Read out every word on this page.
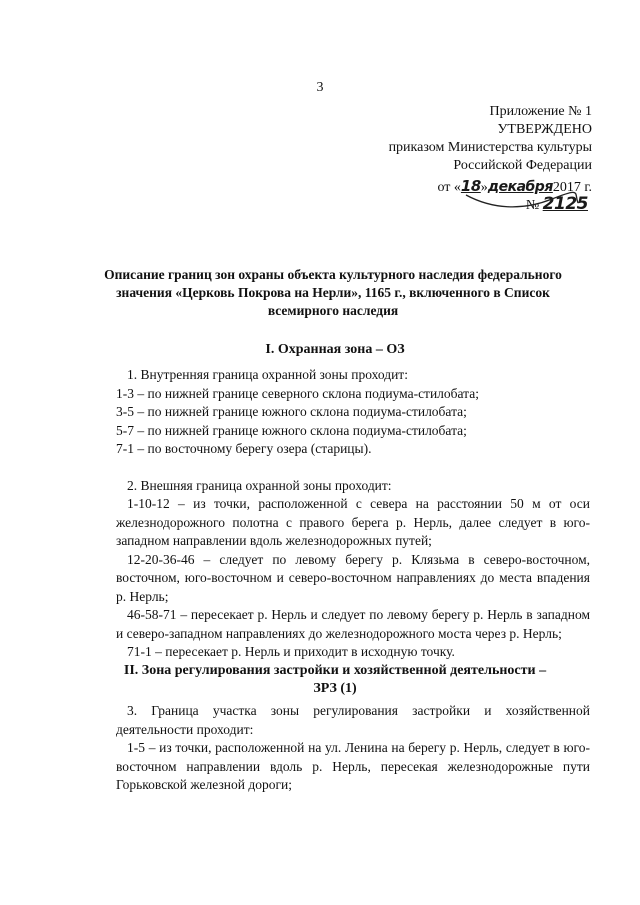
3
Приложение № 1
УТВЕРЖДЕНО
приказом Министерства культуры
Российской Федерации
от «18»декабря2017 г.
№ 2125
Описание границ зон охраны объекта культурного наследия федерального
значения «Церковь Покрова на Нерли», 1165 г., включенного в Список
всемирного наследия
I. Охранная зона – ОЗ

1. Внутренняя граница охранной зоны проходит:

1-3 – по нижней границе северного склона подиума-стилобата;

3-5 – по нижней границе южного склона подиума-стилобата;

5-7 – по нижней границе южного склона подиума-стилобата;

7-1 – по восточному берегу озера (старицы).

2. Внешняя граница охранной зоны проходит:

1-10-12 – из точки, расположенной с севера на расстоянии 50 м от оси железнодорожного полотна с правого берега р. Нерль, далее следует в юго-западном направлении вдоль железнодорожных путей;

12-20-36-46 – следует по левому берегу р. Клязьма в северо-восточном, восточном, юго-восточном и северо-восточном направлениях до места впадения р. Нерль;

46-58-71 – пересекает р. Нерль и следует по левому берегу р. Нерль в западном и северо-западном направлениях до железнодорожного моста через р. Нерль;

71-1 – пересекает р. Нерль и приходит в исходную точку.

II. Зона регулирования застройки и хозяйственной деятельности –
ЗРЗ (1)

3. Граница участка зоны регулирования застройки и хозяйственной деятельности проходит:

1-5 – из точки, расположенной на ул. Ленина на берегу р. Нерль, следует в юго-восточном направлении вдоль р. Нерль, пересекая железнодорожные пути Горьковской железной дороги;
